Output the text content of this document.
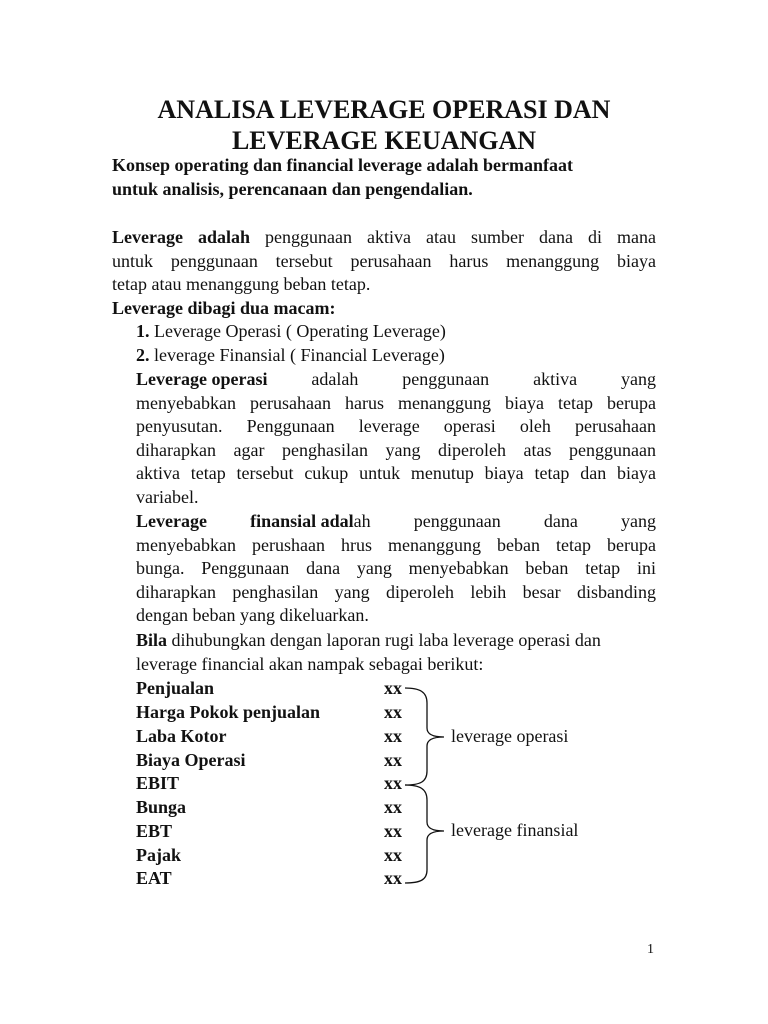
ANALISA LEVERAGE OPERASI DAN
LEVERAGE KEUANGAN
Konsep operating dan financial leverage adalah bermanfaat
untuk analisis, perencanaan dan pengendalian.
Leverage adalah penggunaan aktiva atau sumber dana di mana
untuk penggunaan tersebut perusahaan harus menanggung biaya
tetap atau menanggung beban tetap.
Leverage dibagi dua macam:
1. Leverage Operasi ( Operating Leverage)
2. leverage Finansial ( Financial Leverage)
Leverage operasi adalah penggunaan aktiva yang
menyebabkan perusahaan harus menanggung biaya tetap berupa
penyusutan. Penggunaan leverage operasi oleh perusahaan
diharapkan agar penghasilan yang diperoleh atas penggunaan
aktiva tetap tersebut cukup untuk menutup biaya tetap dan biaya
variabel.
Leverage finansial adalah penggunaan dana yang
menyebabkan perushaan hrus menanggung beban tetap berupa
bunga. Penggunaan dana yang menyebabkan beban tetap ini
diharapkan penghasilan yang diperoleh lebih besar disbanding
dengan beban yang dikeluarkan.
Bila dihubungkan dengan laporan rugi laba leverage operasi dan
leverage financial akan nampak sebagai berikut:
Penjualan	xx
Harga Pokok penjualan	xx
Laba Kotor	xx
Biaya Operasi	xx
EBIT	xx
Bunga	xx
EBT	xx
Pajak	xx
EAT	xx
leverage operasi
leverage finansial
1
